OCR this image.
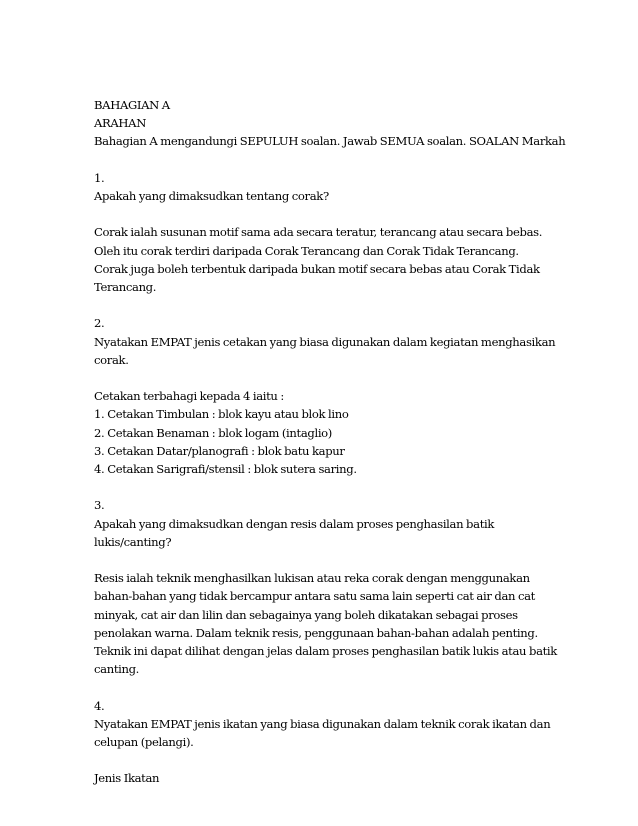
BAHAGIAN A
ARAHAN
Bahagian A mengandungi SEPULUH soalan. Jawab SEMUA soalan. SOALAN Markah
1.
Apakah yang dimaksudkan tentang corak?
Corak ialah susunan motif sama ada secara teratur, terancang atau secara bebas.
Oleh itu corak terdiri daripada Corak Terancang dan Corak Tidak Terancang.
Corak juga boleh terbentuk daripada bukan motif secara bebas atau Corak Tidak
Terancang.
2.
Nyatakan EMPAT jenis cetakan yang biasa digunakan dalam kegiatan menghasikan
corak.
Cetakan terbahagi kepada 4 iaitu :
1. Cetakan Timbulan : blok kayu atau blok lino
2. Cetakan Benaman : blok logam (intaglio)
3. Cetakan Datar/planografi : blok batu kapur
4. Cetakan Sarigrafi/stensil : blok sutera saring.
3.
Apakah yang dimaksudkan dengan resis dalam proses penghasilan batik
lukis/canting?
Resis ialah teknik menghasilkan lukisan atau reka corak dengan menggunakan
bahan-bahan yang tidak bercampur antara satu sama lain seperti cat air dan cat
minyak, cat air dan lilin dan sebagainya yang boleh dikatakan sebagai proses
penolakan warna. Dalam teknik resis, penggunaan bahan-bahan adalah penting.
Teknik ini dapat dilihat dengan jelas dalam proses penghasilan batik lukis atau batik
canting.
4.
Nyatakan EMPAT jenis ikatan yang biasa digunakan dalam teknik corak ikatan dan
celupan (pelangi).
Jenis Ikatan
